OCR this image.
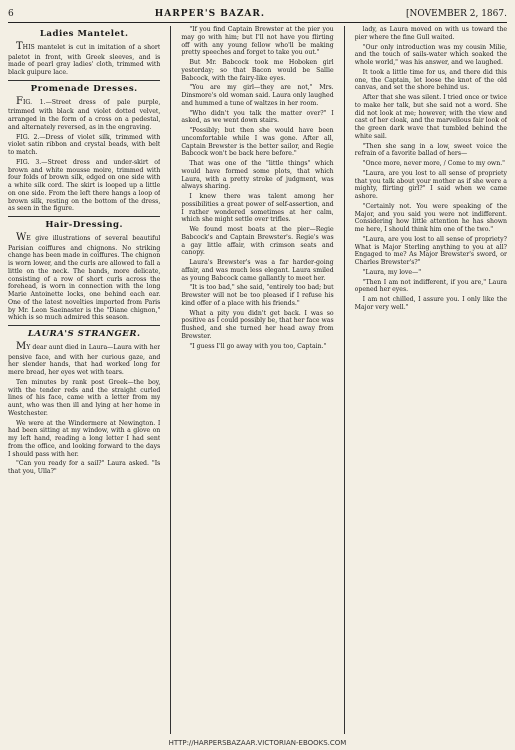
6	HARPER'S BAZAR.	[NOVEMBER 2, 1867.
Ladies Mantelet.

THIS mantelet is cut in imitation of a short paletot in front, with Greek sleeves, and is made of pearl gray ladies' cloth, trimmed with black guipure lace.

Promenade Dresses.

FIG. 1.—Street dress of pale purple, trimmed with black and violet dotted velvet, arranged in the form of a cross on a pedestal, and alternately reversed, as in the engraving.

FIG. 2.—Dress of violet silk, trimmed with violet satin ribbon and crystal beads, with belt to match.

FIG. 3.—Street dress and under-skirt of brown and white mousse moire, trimmed with four folds of brown silk, edged on one side with a white silk cord. The skirt is looped up a little on one side. From the left there hangs a loop of brown silk, resting on the bottom of the dress, as seen in the figure.

Hair-Dressing.

WE give illustrations of several beautiful Parisian coiffures and chignons. No striking change has been made in coiffures. The chignon is worn lower, and the curls are allowed to fall a little on the neck. The bands, more delicate, consisting of a row of short curls across the forehead, is worn in connection with the long Marie Antoinette locks, one behind each ear. One of the latest novelties imported from Paris by Mr. Leon Saeinaster is the "Diane chignon," which is so much admired this season.

LAURA'S STRANGER.

MY dear aunt died in Laura—Laura with her pensive face, and with her curious gaze, and her slender hands, that had worked long for mere bread, her eyes wet with tears.

Ten minutes by rank post Greek—the boy, with the tender reds and the straight curled lines of his face, came with a letter from my aunt, who was then ill and lying at her home in Westchester.

We were at the Windermere at Newington. I had been sitting at my window, with a glove on my left hand, reading a long letter I had sent from the office, and looking forward to the days I should pass with her.

"Can you ready for a sail?" Laura asked. "Is that you, Ulla?"

"If you find Captain Brewster at the pier you may go with him; but I'll not have you flirting off with any young fellow who'll be making pretty speeches and forget to take you out."

But Mr. Babcock took me Hoboken girl yesterday; so that Bacon would be Sallie Babcock, with the fairy-like eyes.

"You are my girl—they are not," Mrs. Dinsmore's old woman said. Laura only laughed and hummed a tune of waltzes in her room.

"Who didn't you talk the matter over?" I asked, as we went down stairs.

"Possibly; but then she would have been uncomfortable while I was gone. After all, Captain Brewster is the better sailor, and Regie Babcock won't be back here before."

That was one of the "little things" which would have formed some plots, that which Laura, with a pretty stroke of judgment, was always sharing.

I knew there was talent among her possibilities a great power of self-assertion, and I rather wondered sometimes at her calm, which she might settle over trifles.

We found most boats at the pier—Regie Babcock's and Captain Brewster's. Regie's was a gay little affair, with crimson seats and canopy.

Laura's Brewster's was a far harder-going affair, and was much less elegant. Laura smiled as young Babcock came gallantly to meet her.

"It is too bad," she said, "entirely too bad; but Brewster will not be too pleased if I refuse his kind offer of a place with his friends."

What a pity you didn't get back. I was so positive as I could possibly be, that her face was flushed, and she turned her head away from Brewster.

"I guess I'll go away with you too, Captain."

lady, as Laura moved on with us toward the pier where the fine Gull waited.

"Our only introduction was my cousin Milie, and the touch of sails-water which soaked the whole world," was his answer, and we laughed.

It took a little time for us, and there did this one, the Captain, let loose the knot of the old canvas, and set the shore behind us.

After that she was silent. I tried once or twice to make her talk, but she said not a word. She did not look at me; however, with the view and cast of her cloak, and the marvellous fair look of the green dark wave that tumbled behind the white sail.

"Then she sang in a low, sweet voice the refrain of a favorite ballad of hers—

"Once more, never more, / Come to my own."

"Laura, are you lost to all sense of propriety that you talk about your mother as if she were a mighty, flirting girl?" I said when we came ashore.

"Certainly not. You were speaking of the Major, and you said you were not indifferent. Considering how little attention he has shown me here, I should think him one of the two."

"Laura, are you lost to all sense of propriety? What is Major Sterling anything to you at all? Engaged to me? As Major Brewster's sword, or Charles Brewster's?"

"Laura, my love—"

"Then I am not indifferent, if you are," Laura opened her eyes.

I am not chilled, I assure you. I only like the Major very well."

HTTP://HARPERSBAZAAR.VICTORIAN-EBOOKS.COM
